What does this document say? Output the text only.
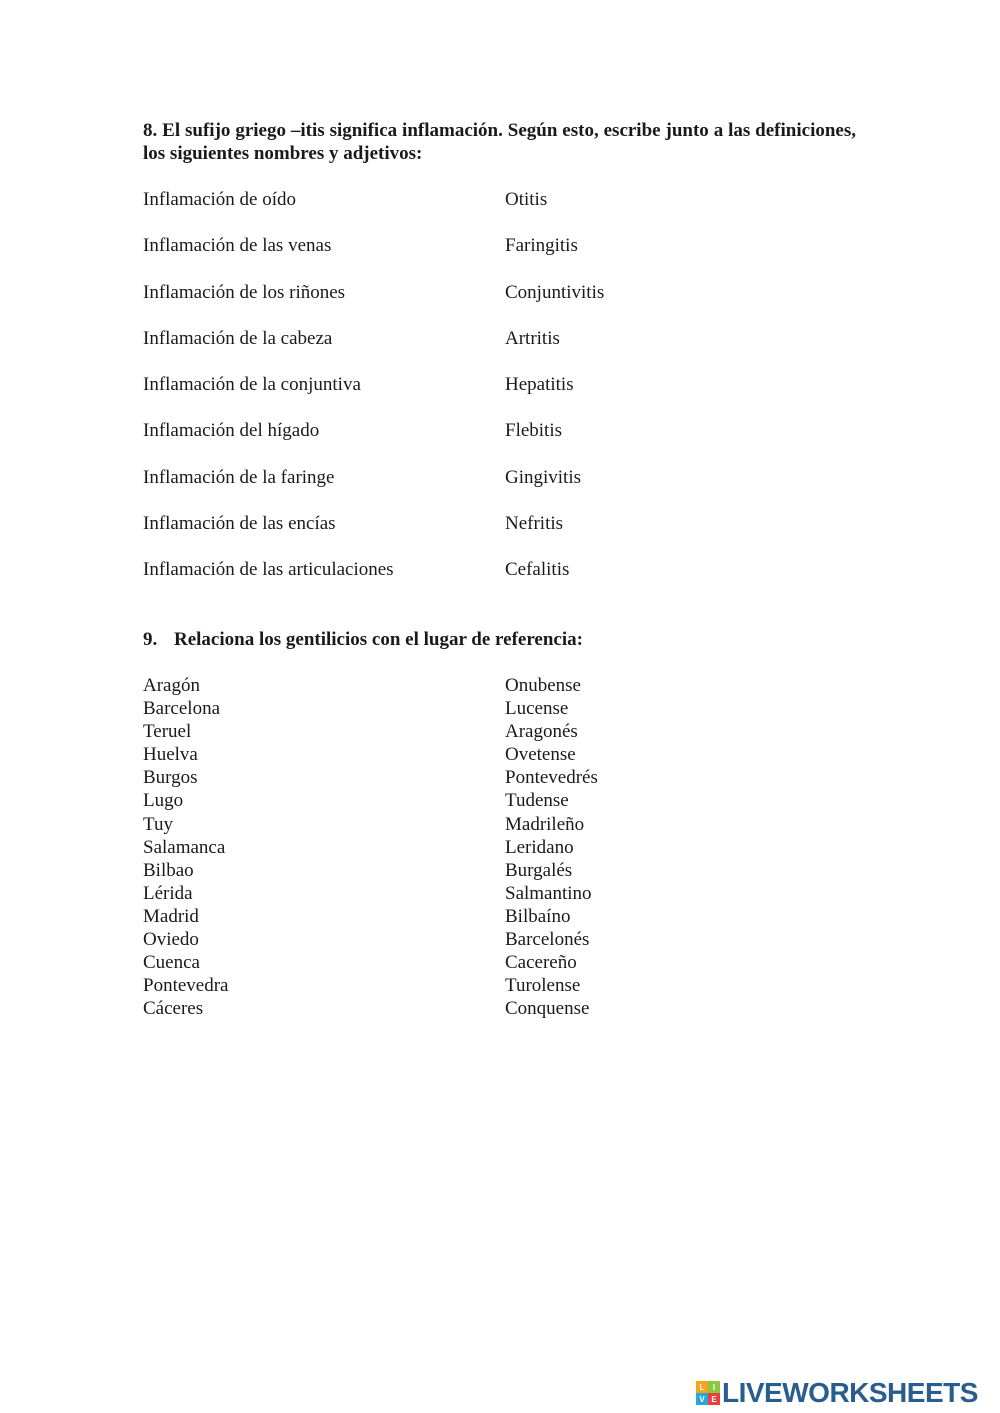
8. El sufijo griego –itis significa inflamación. Según esto, escribe junto a las definiciones, los siguientes nombres y adjetivos:
Inflamación de oído	Otitis
Inflamación de las venas	Faringitis
Inflamación de los riñones	Conjuntivitis
Inflamación de la cabeza	Artritis
Inflamación de la conjuntiva	Hepatitis
Inflamación del hígado	Flebitis
Inflamación de la faringe	Gingivitis
Inflamación de las encías	Nefritis
Inflamación de las articulaciones	Cefalitis
9. Relaciona los gentilicios con el lugar de referencia:
Aragón	Onubense
Barcelona	Lucense
Teruel	Aragonés
Huelva	Ovetense
Burgos	Pontevedrés
Lugo	Tudense
Tuy	Madrileño
Salamanca	Leridano
Bilbao	Burgalés
Lérida	Salmantino
Madrid	Bilbaíno
Oviedo	Barcelonés
Cuenca	Cacereño
Pontevedra	Turolense
Cáceres	Conquense
L	I
V E LIVEWORKSHEETS
